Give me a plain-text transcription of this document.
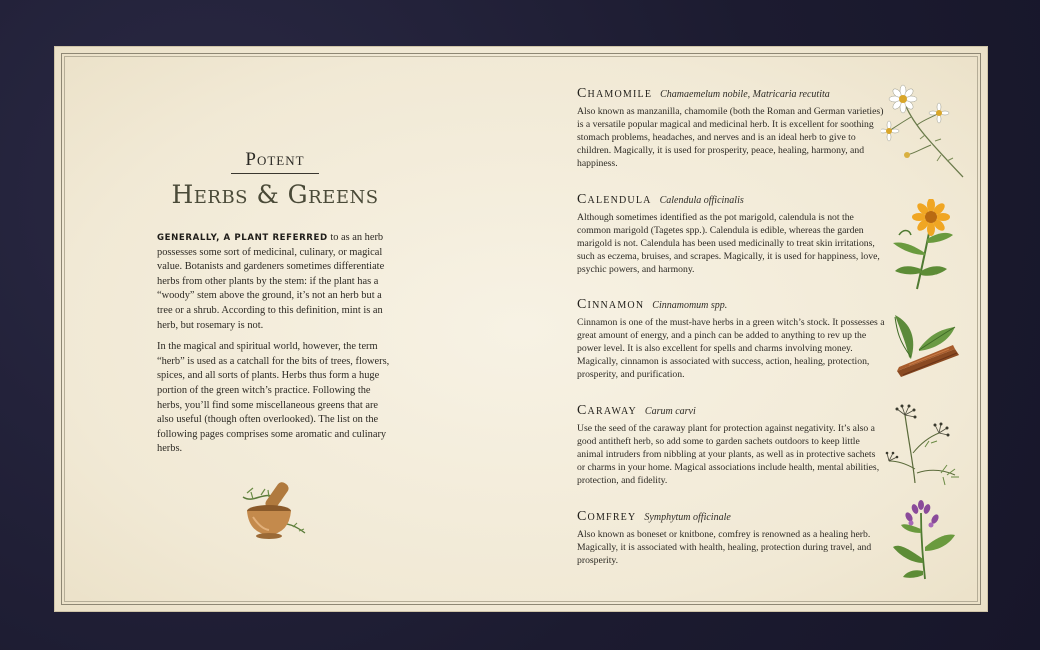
Potent
Herbs & Greens

GENERALLY, A PLANT REFERRED to as an herb possesses some sort of medicinal, culinary, or magical value. Botanists and gardeners sometimes differentiate herbs from other plants by the stem: if the plant has a “woody” stem above the ground, it’s not an herb but a tree or a shrub. According to this definition, mint is an herb, but rosemary is not.

In the magical and spiritual world, however, the term “herb” is used as a catchall for the bits of trees, flowers, spices, and all sorts of plants. Herbs thus form a huge portion of the green witch’s practice. Following the herbs, you’ll find some miscellaneous greens that are also useful (though often overlooked). The list on the following pages comprises some aromatic and culinary herbs.

Chamomile Chamaemelum nobile, Matricaria recutita
Also known as manzanilla, chamomile (both the Roman and German varieties) is a versatile popular magical and medicinal herb. It is excellent for soothing stomach problems, headaches, and nerves and is an ideal herb to give to children. Magically, it is used for prosperity, peace, healing, harmony, and happiness.
Calendula Calendula officinalis
Although sometimes identified as the pot marigold, calendula is not the common marigold (Tagetes spp.). Calendula is edible, whereas the garden marigold is not. Calendula has been used medicinally to treat skin irritations, such as eczema, bruises, and scrapes. Magically, it is used for happiness, love, psychic powers, and harmony.
Cinnamon Cinnamomum spp.
Cinnamon is one of the must-have herbs in a green witch’s stock. It possesses a great amount of energy, and a pinch can be added to anything to rev up the power level. It is also excellent for spells and charms involving money. Magically, cinnamon is associated with success, action, healing, protection, prosperity, and purification.
Caraway Carum carvi
Use the seed of the caraway plant for protection against negativity. It’s also a good antitheft herb, so add some to garden sachets outdoors to keep little animal intruders from nibbling at your plants, as well as in protective sachets or charms in your home. Magical associations include health, mental abilities, protection, and fidelity.
Comfrey Symphytum officinale
Also known as boneset or knitbone, comfrey is renowned as a healing herb. Magically, it is associated with health, healing, protection during travel, and prosperity.
